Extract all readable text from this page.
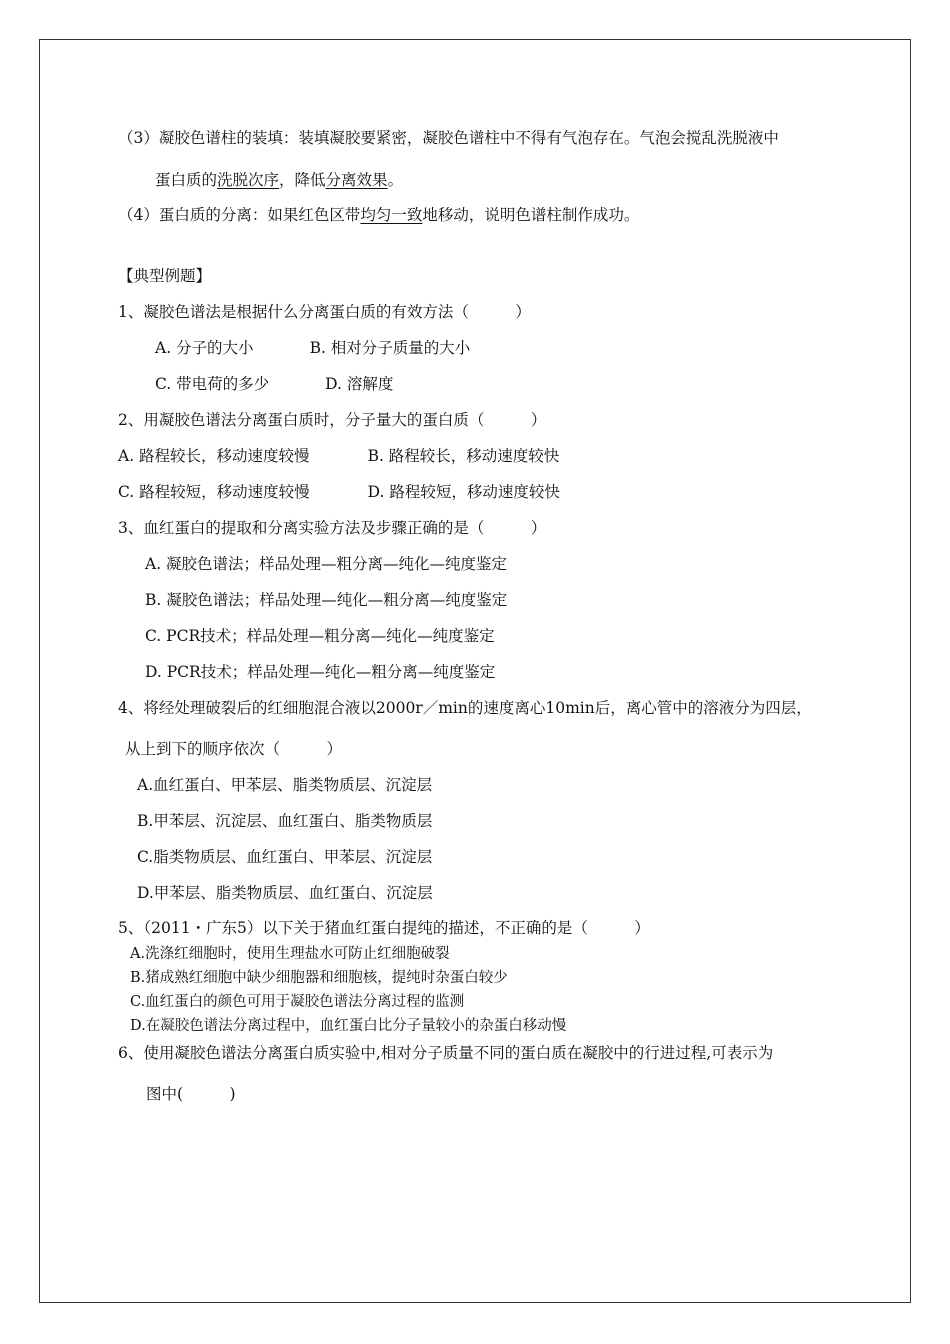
（3）凝胶色谱柱的装填：装填凝胶要紧密，凝胶色谱柱中不得有气泡存在。气泡会搅乱洗脱液中
蛋白质的洗脱次序，降低分离效果。
（4）蛋白质的分离：如果红色区带均匀一致地移动，说明色谱柱制作成功。
【典型例题】
1、凝胶色谱法是根据什么分离蛋白质的有效方法（　　　）
A. 分子的大小	B. 相对分子质量的大小
C. 带电荷的多少	D. 溶解度
2、用凝胶色谱法分离蛋白质时，分子量大的蛋白质（　　　）
A. 路程较长，移动速度较慢	B. 路程较长，移动速度较快
C. 路程较短，移动速度较慢	D. 路程较短，移动速度较快
3、血红蛋白的提取和分离实验方法及步骤正确的是（　　　）
A. 凝胶色谱法；样品处理—粗分离—纯化—纯度鉴定
B. 凝胶色谱法；样品处理—纯化—粗分离—纯度鉴定
C. PCR技术；样品处理—粗分离—纯化—纯度鉴定
D. PCR技术；样品处理—纯化—粗分离—纯度鉴定
4、将经处理破裂后的红细胞混合液以2000r／min的速度离心10min后，离心管中的溶液分为四层，
从上到下的顺序依次（　　　）
A.血红蛋白、甲苯层、脂类物质层、沉淀层
B.甲苯层、沉淀层、血红蛋白、脂类物质层
C.脂类物质层、血红蛋白、甲苯层、沉淀层
D.甲苯层、脂类物质层、血红蛋白、沉淀层
5、（2011・广东5）以下关于猪血红蛋白提纯的描述，不正确的是（　　　）
A.洗涤红细胞时，使用生理盐水可防止红细胞破裂
B.猪成熟红细胞中缺少细胞器和细胞核，提纯时杂蛋白较少
C.血红蛋白的颜色可用于凝胶色谱法分离过程的监测
D.在凝胶色谱法分离过程中，血红蛋白比分子量较小的杂蛋白移动慢
6、使用凝胶色谱法分离蛋白质实验中,相对分子质量不同的蛋白质在凝胶中的行进过程,可表示为
图中(　　　)
